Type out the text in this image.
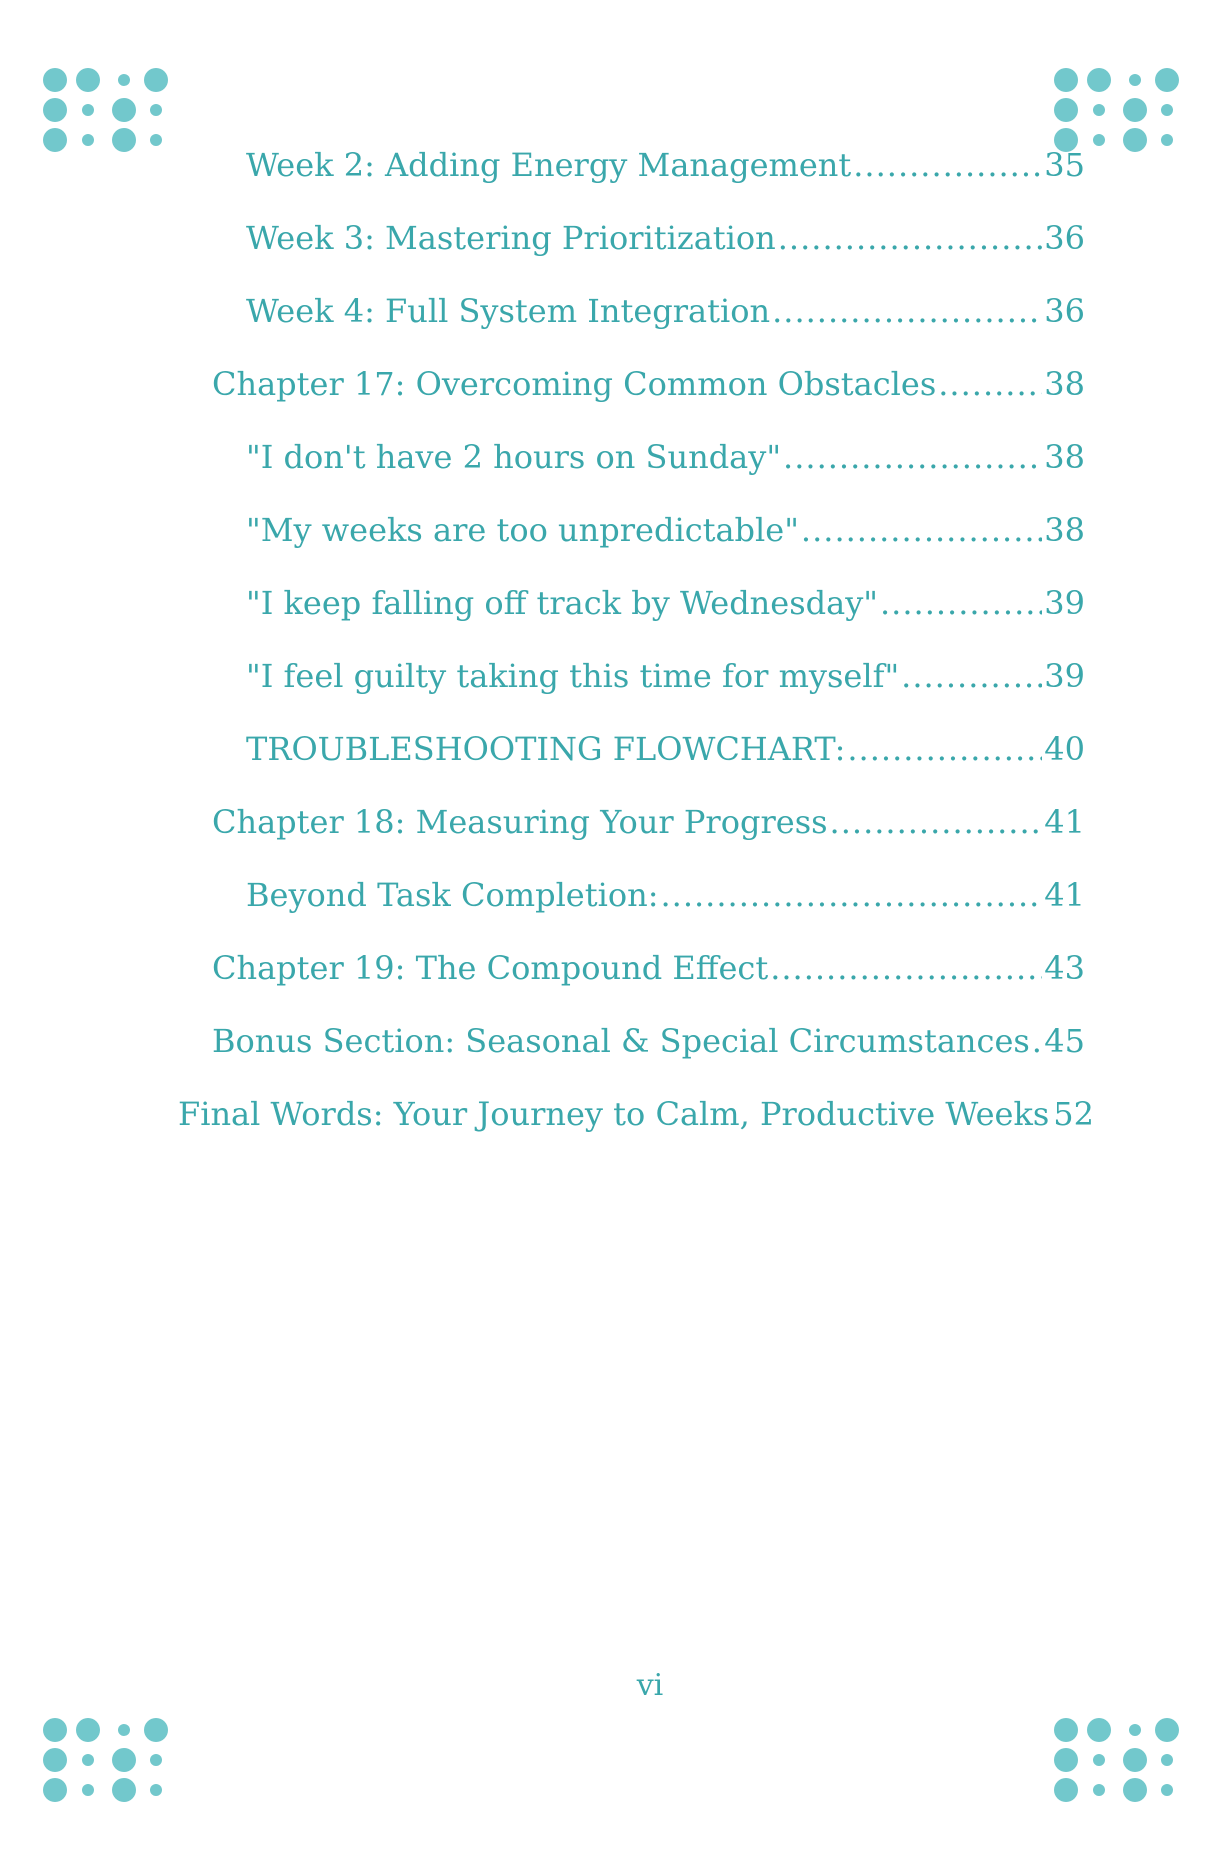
Week 2: Adding Energy Management .....	35
Week 3: Mastering Prioritization .....	36
Week 4: Full System Integration .....	36
Chapter 17: Overcoming Common Obstacles .....	38
"I don't have 2 hours on Sunday" .....	38
"My weeks are too unpredictable" .....	38
"I keep falling off track by Wednesday" .....	39
"I feel guilty taking this time for myself" .....	39
TROUBLESHOOTING FLOWCHART: .....	40
Chapter 18: Measuring Your Progress .....	41
Beyond Task Completion: .....	41
Chapter 19: The Compound Effect .....	43
Bonus Section: Seasonal & Special Circumstances ..... 45
Final Words: Your Journey to Calm, Productive Weeks 52
vi
